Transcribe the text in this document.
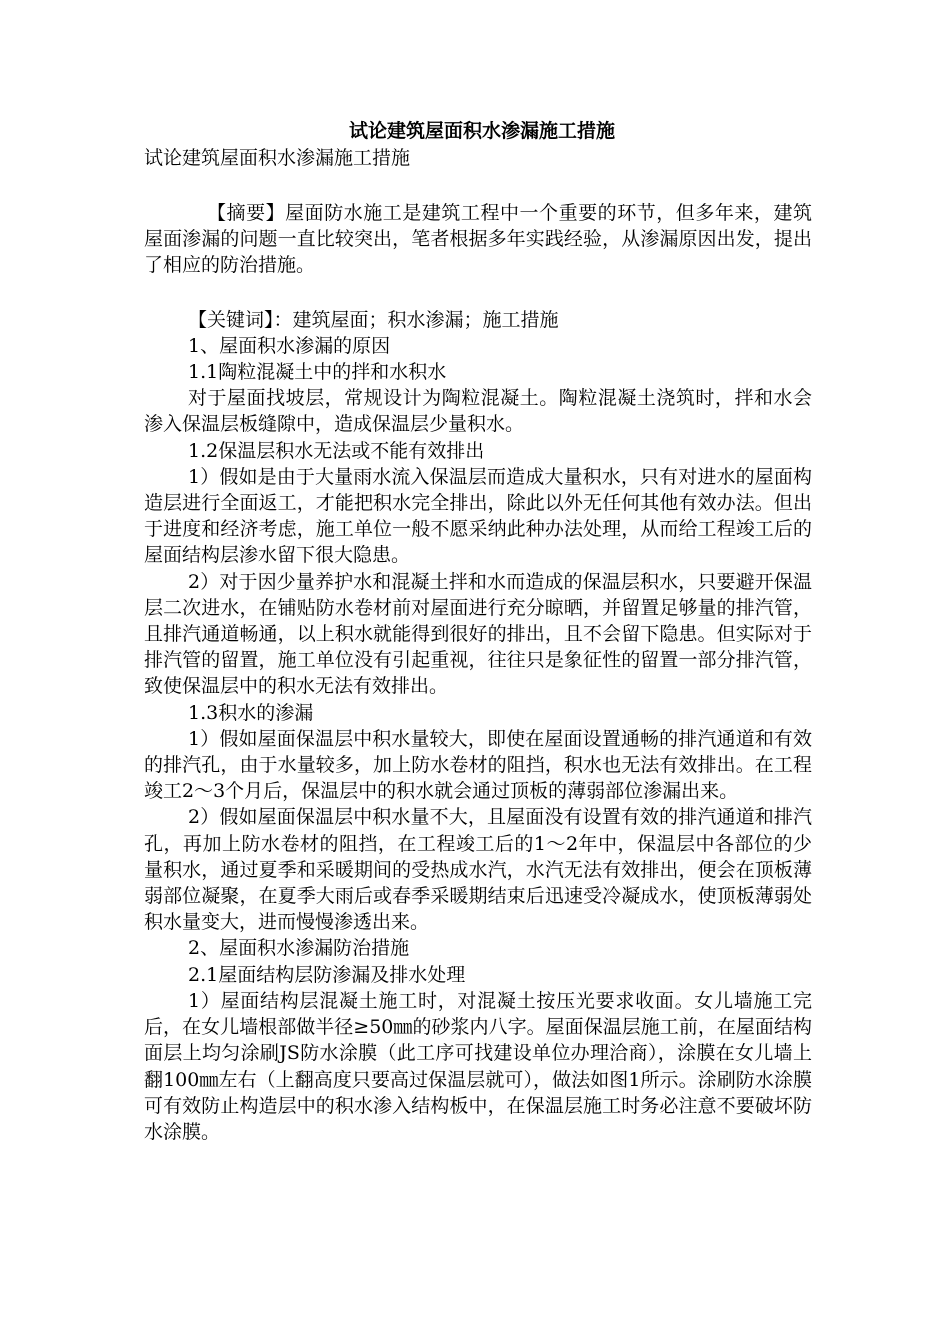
试论建筑屋面积水渗漏施工措施

试论建筑屋面积水渗漏施工措施

【摘要】屋面防水施工是建筑工程中一个重要的环节，但多年来，建筑屋面渗漏的问题一直比较突出，笔者根据多年实践经验，从渗漏原因出发，提出了相应的防治措施。

【关键词】：建筑屋面；积水渗漏；施工措施

1、屋面积水渗漏的原因

1.1陶粒混凝土中的拌和水积水

对于屋面找坡层，常规设计为陶粒混凝土。陶粒混凝土浇筑时，拌和水会渗入保温层板缝隙中，造成保温层少量积水。

1.2保温层积水无法或不能有效排出

1）假如是由于大量雨水流入保温层而造成大量积水，只有对进水的屋面构造层进行全面返工，才能把积水完全排出，除此以外无任何其他有效办法。但出于进度和经济考虑，施工单位一般不愿采纳此种办法处理，从而给工程竣工后的屋面结构层渗水留下很大隐患。

2）对于因少量养护水和混凝土拌和水而造成的保温层积水，只要避开保温层二次进水，在铺贴防水卷材前对屋面进行充分晾晒，并留置足够量的排汽管，且排汽通道畅通，以上积水就能得到很好的排出，且不会留下隐患。但实际对于排汽管的留置，施工单位没有引起重视，往往只是象征性的留置一部分排汽管，致使保温层中的积水无法有效排出。

1.3积水的渗漏

1）假如屋面保温层中积水量较大，即使在屋面设置通畅的排汽通道和有效的排汽孔，由于水量较多，加上防水卷材的阻挡，积水也无法有效排出。在工程竣工2～3个月后，保温层中的积水就会通过顶板的薄弱部位渗漏出来。

2）假如屋面保温层中积水量不大，且屋面没有设置有效的排汽通道和排汽孔，再加上防水卷材的阻挡，在工程竣工后的1～2年中，保温层中各部位的少量积水，通过夏季和采暖期间的受热成水汽，水汽无法有效排出，便会在顶板薄弱部位凝聚，在夏季大雨后或春季采暖期结束后迅速受冷凝成水，使顶板薄弱处积水量变大，进而慢慢渗透出来。

2、屋面积水渗漏防治措施

2.1屋面结构层防渗漏及排水处理

1）屋面结构层混凝土施工时，对混凝土按压光要求收面。女儿墙施工完后，在女儿墙根部做半径≥50㎜的砂浆内八字。屋面保温层施工前，在屋面结构面层上均匀涂刷JS防水涂膜（此工序可找建设单位办理洽商），涂膜在女儿墙上翻100㎜左右（上翻高度只要高过保温层就可），做法如图1所示。涂刷防水涂膜可有效防止构造层中的积水渗入结构板中，在保温层施工时务必注意不要破坏防水涂膜。
